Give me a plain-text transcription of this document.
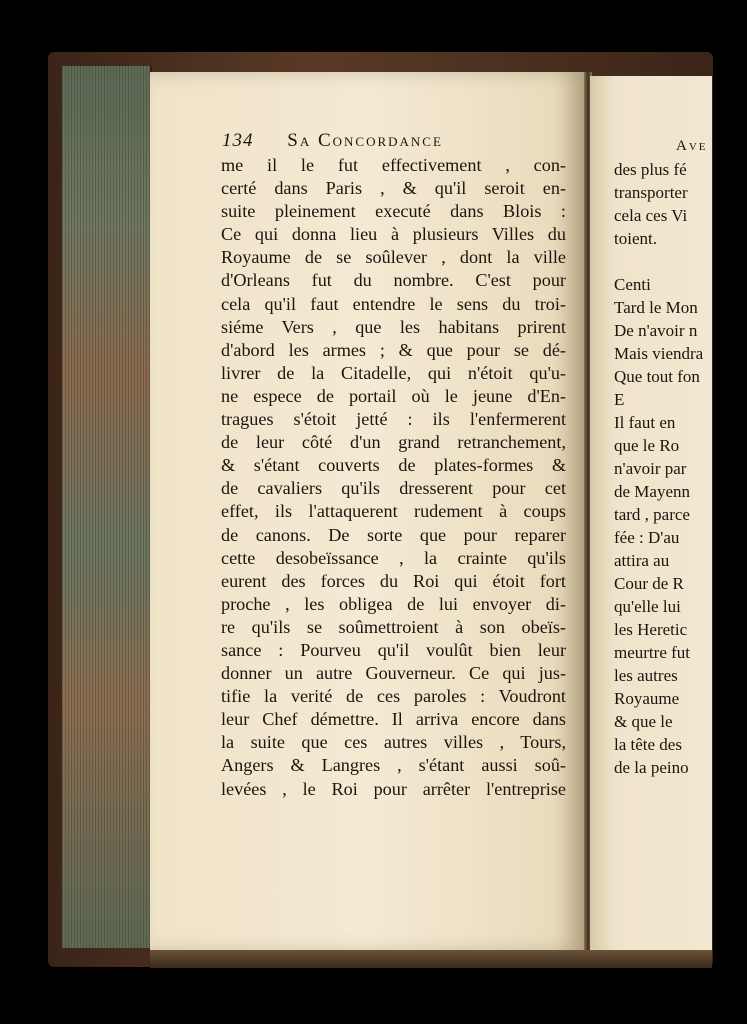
Ave
des plus fé
transporter
cela ces Vi
toient.
Centi
Tard le Mon
De n'avoir n
Mais viendra
Que tout fon
E
Il faut en
que le Ro
n'avoir par
de Mayenn
tard , parce
fée : D'au
attira au
Cour de R
qu'elle lui
les Heretic
meurtre fut
les autres
Royaume
& que le
la tête des
de la peino
134 Sa Concordance
me il le fut effectivement , con-
certé dans Paris , & qu'il seroit en-
suite pleinement executé dans Blois :
Ce qui donna lieu à plusieurs Villes du
Royaume de se soûlever , dont la ville
d'Orleans fut du nombre. C'est pour
cela qu'il faut entendre le sens du troi-
siéme Vers , que les habitans prirent
d'abord les armes ; & que pour se dé-
livrer de la Citadelle, qui n'étoit qu'u-
ne espece de portail où le jeune d'En-
tragues s'étoit jetté : ils l'enfermerent
de leur côté d'un grand retranchement,
& s'étant couverts de plates-formes &
de cavaliers qu'ils dresserent pour cet
effet, ils l'attaquerent rudement à coups
de canons. De sorte que pour reparer
cette desobeïssance , la crainte qu'ils
eurent des forces du Roi qui étoit fort
proche , les obligea de lui envoyer di-
re qu'ils se soûmettroient à son obeïs-
sance : Pourveu qu'il voulût bien leur
donner un autre Gouverneur. Ce qui jus-
tifie la verité de ces paroles : Voudront
leur Chef démettre. Il arriva encore dans
la suite que ces autres villes , Tours,
Angers & Langres , s'étant aussi soû-
levées , le Roi pour arrêter l'entreprise
